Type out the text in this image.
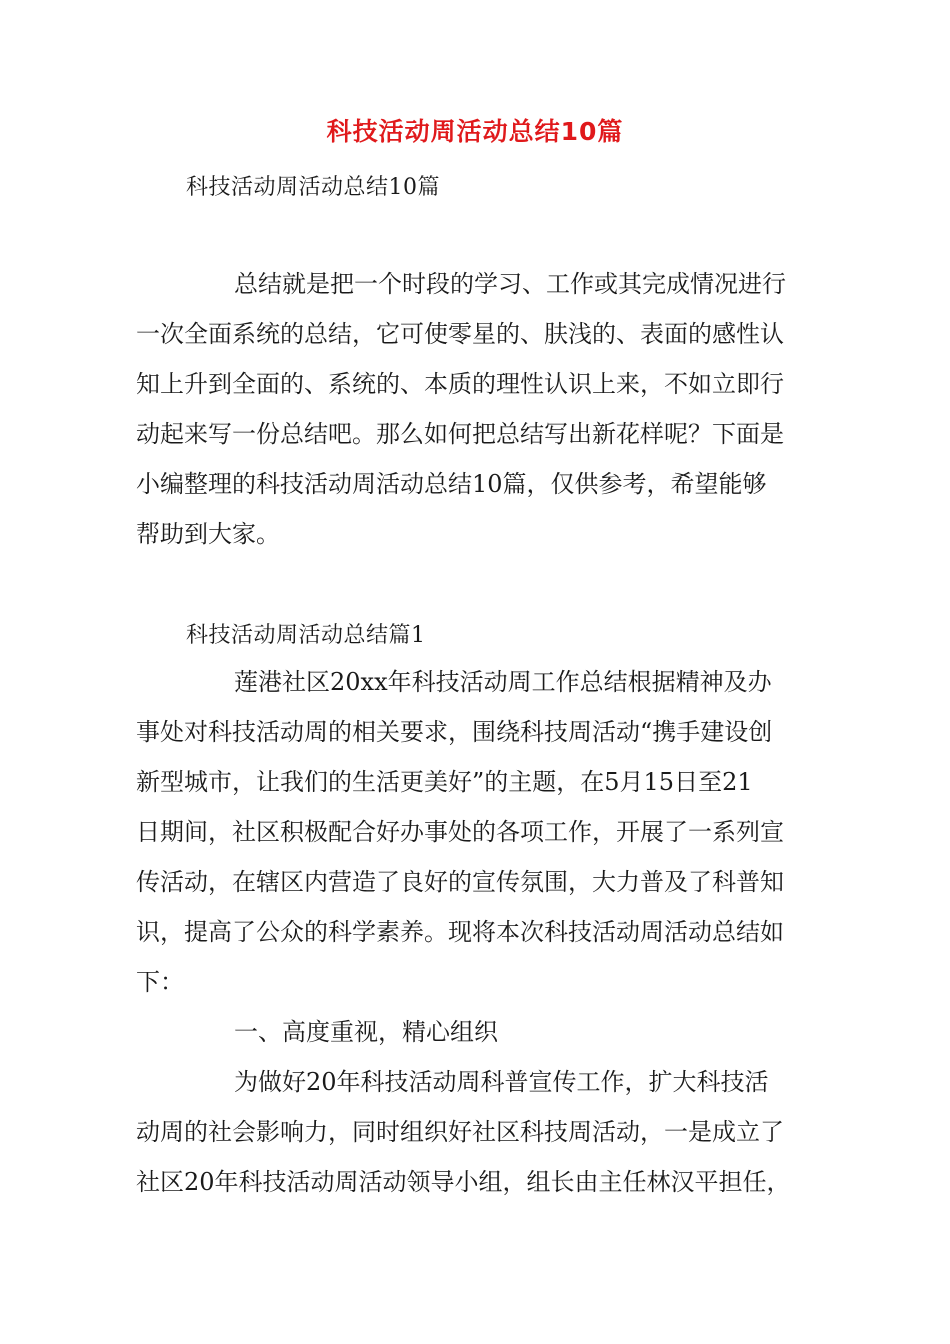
科技活动周活动总结10篇
科技活动周活动总结10篇
总结就是把一个时段的学习、工作或其完成情况进行
一次全面系统的总结，它可使零星的、肤浅的、表面的感性认
知上升到全面的、系统的、本质的理性认识上来，不如立即行
动起来写一份总结吧。那么如何把总结写出新花样呢？下面是
小编整理的科技活动周活动总结10篇，仅供参考，希望能够
帮助到大家。
科技活动周活动总结篇1
莲港社区20xx年科技活动周工作总结根据精神及办
事处对科技活动周的相关要求，围绕科技周活动“携手建设创
新型城市，让我们的生活更美好”的主题，在5月15日至21
日期间，社区积极配合好办事处的各项工作，开展了一系列宣
传活动，在辖区内营造了良好的宣传氛围，大力普及了科普知
识，提高了公众的科学素养。现将本次科技活动周活动总结如
下：
一、高度重视，精心组织
为做好20年科技活动周科普宣传工作，扩大科技活
动周的社会影响力，同时组织好社区科技周活动，一是成立了
社区20年科技活动周活动领导小组，组长由主任林汉平担任，
